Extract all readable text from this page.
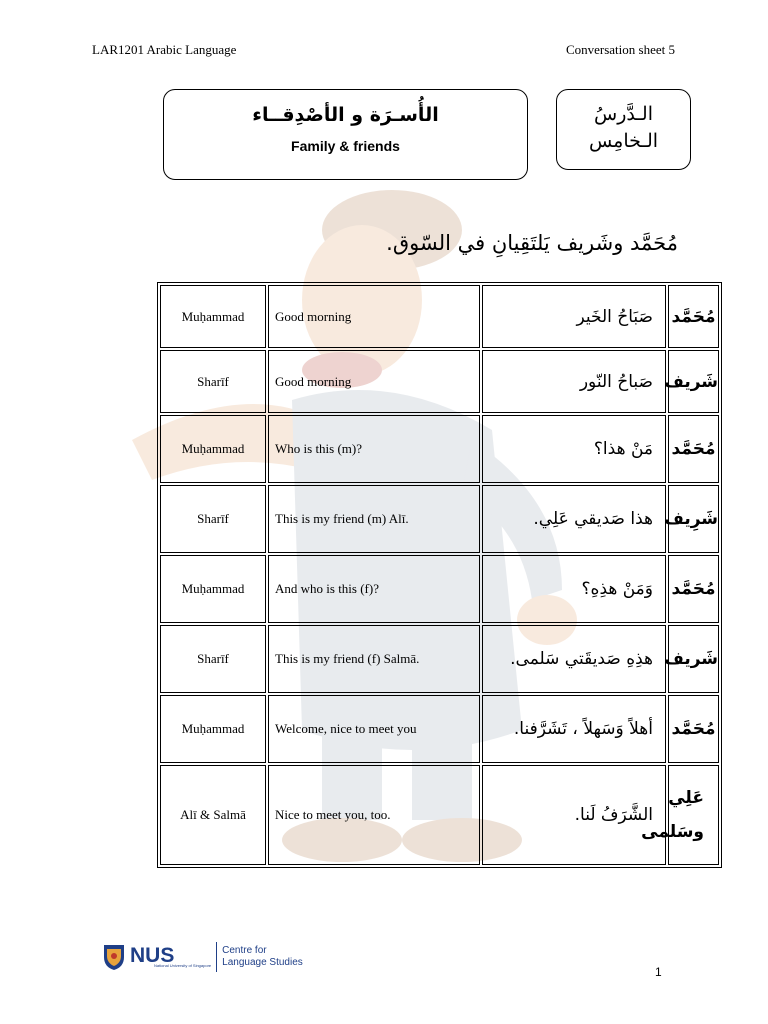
LAR1201 Arabic Language	Conversation sheet 5
الأُسـرَة و الأصْدِقــاء
Family & friends
الـدَّرسُ
الـخامِس
مُحَمَّد وشَريف يَلتَقِيانِ في السّوق.
Muḥammad	Good morning	صَبَاحُ الخَير	مُحَمَّد
Sharīf	Good morning	صَباحُ النّور	شَريف
Muḥammad	Who is this (m)?	مَنْ هذا؟	مُحَمَّد
Sharīf	This is my friend (m) Alī.	هذا صَديقي عَلِي.	شَرِيف
Muḥammad	And who is this (f)?	وَمَنْ هذِهِ؟	مُحَمَّد
Sharīf	This is my friend (f) Salmā.	هذِهِ صَديقَتي سَلمى.	شَريف
Muḥammad	Welcome, nice to meet you	أهلاً وَسَهلاً ، تَشَرَّفنا.	مُحَمَّد
Alī & Salmā	Nice to meet you, too.	الشَّرَفُ لَنا.	عَلِي وسَلمى
NUS
National University of Singapore
Centre for
Language Studies
1
